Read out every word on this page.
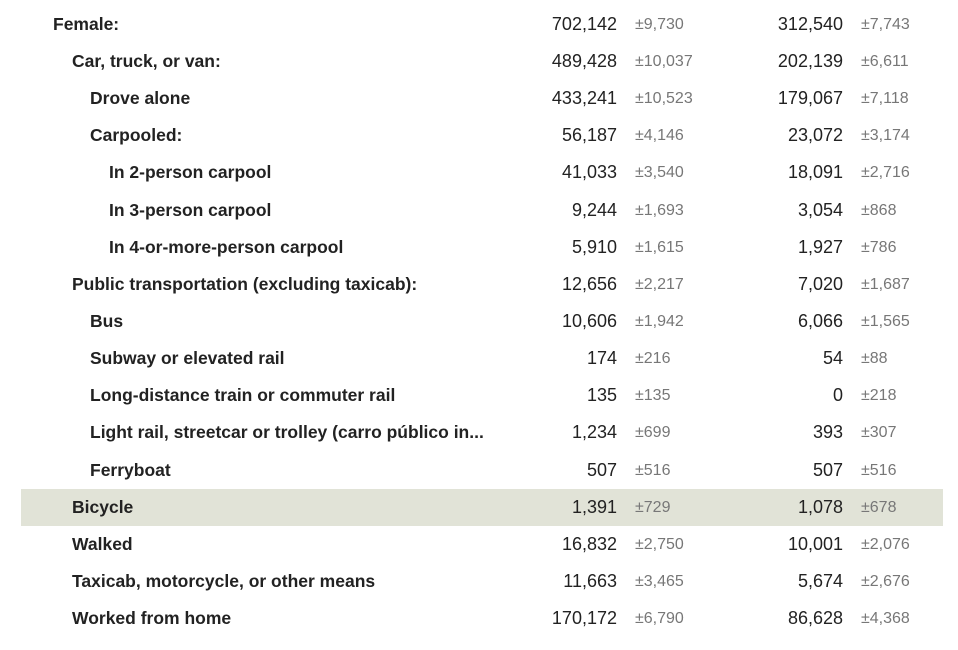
Female:	702,142 ±9,730	312,540 ±7,743
Car, truck, or van:	489,428 ±10,037	202,139 ±6,611
Drove alone	433,241 ±10,523	179,067 ±7,118
Carpooled:	56,187 ±4,146	23,072 ±3,174
In 2-person carpool	41,033 ±3,540	18,091 ±2,716
In 3-person carpool	9,244 ±1,693	3,054 ±868
In 4-or-more-person carpool	5,910 ±1,615	1,927 ±786
Public transportation (excluding taxicab):	12,656 ±2,217	7,020 ±1,687
Bus	10,606 ±1,942	6,066 ±1,565
Subway or elevated rail	174 ±216	54 ±88
Long-distance train or commuter rail	135 ±135	0 ±218
Light rail, streetcar or trolley (carro público in...	1,234 ±699	393 ±307
Ferryboat	507 ±516	507 ±516
Bicycle	1,391 ±729	1,078 ±678
Walked	16,832 ±2,750	10,001 ±2,076
Taxicab, motorcycle, or other means	11,663 ±3,465	5,674 ±2,676
Worked from home	170,172 ±6,790	86,628 ±4,368
